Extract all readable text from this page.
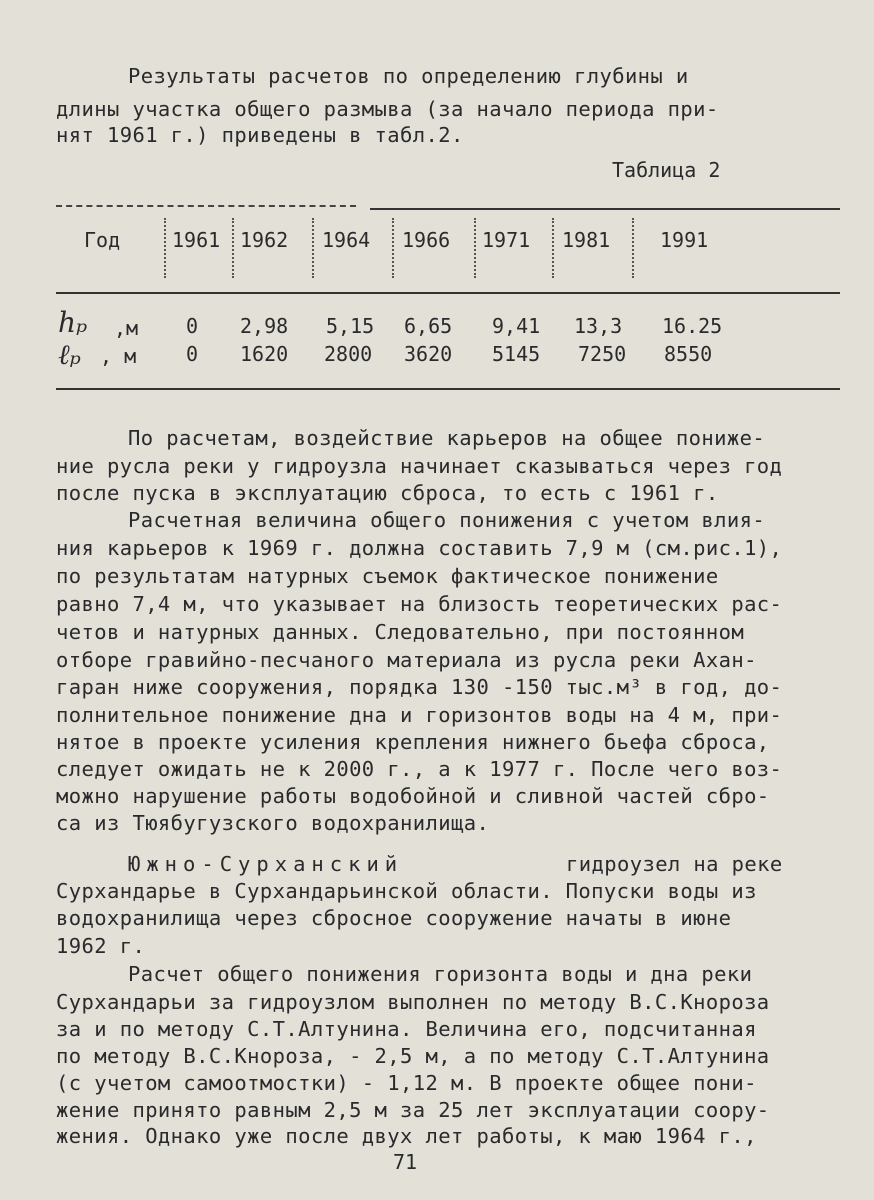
Результаты расчетов по определению глубины и
длины участка общего размыва (за начало периода при-
нят 1961 г.) приведены в табл.2.
Таблица 2
Год	1961 1962 1964 1966 1971 1981 1991
hₚ ,м 0 2,98 5,15 6,65 9,41 13,3 16.25
ℓₚ , м 0 1620 2800 3620 5145 7250 8550
По расчетам, воздействие карьеров на общее пониже-
ние русла реки у гидроузла начинает сказываться через год
после пуска в эксплуатацию сброса, то есть с 1961 г.
Расчетная величина общего понижения с учетом влия-
ния карьеров к 1969 г. должна составить 7,9 м (см.рис.1),
по результатам натурных съемок фактическое понижение
равно 7,4 м, что указывает на близость теоретических рас-
четов и натурных данных. Следовательно, при постоянном
отборе гравийно-песчаного материала из русла реки Ахан-
гаран ниже сооружения, порядка 130 -150 тыс.м³ в год, до-
полнительное понижение дна и горизонтов воды на 4 м, при-
нятое в проекте усиления крепления нижнего бьефа сброса,
следует ожидать не к 2000 г., а к 1977 г. После чего воз-
можно нарушение работы водобойной и сливной частей сбро-
са из Тюябугузского водохранилища.
Южно-Сурханский	гидроузел на реке
Сурхандарье в Сурхандарьинской области. Попуски воды из
водохранилища через сбросное сооружение начаты в июне
1962 г.
Расчет общего понижения горизонта воды и дна реки
Сурхандарьи за гидроузлом выполнен по методу В.С.Кнороза
за и по методу С.Т.Алтунина. Величина его, подсчитанная
по методу В.С.Кнороза, - 2,5 м, а по методу С.Т.Алтунина
(с учетом самоотмостки) - 1,12 м. В проекте общее пони-
жение принято равным 2,5 м за 25 лет эксплуатации соору-
жения. Однако уже после двух лет работы, к маю 1964 г.,
71
